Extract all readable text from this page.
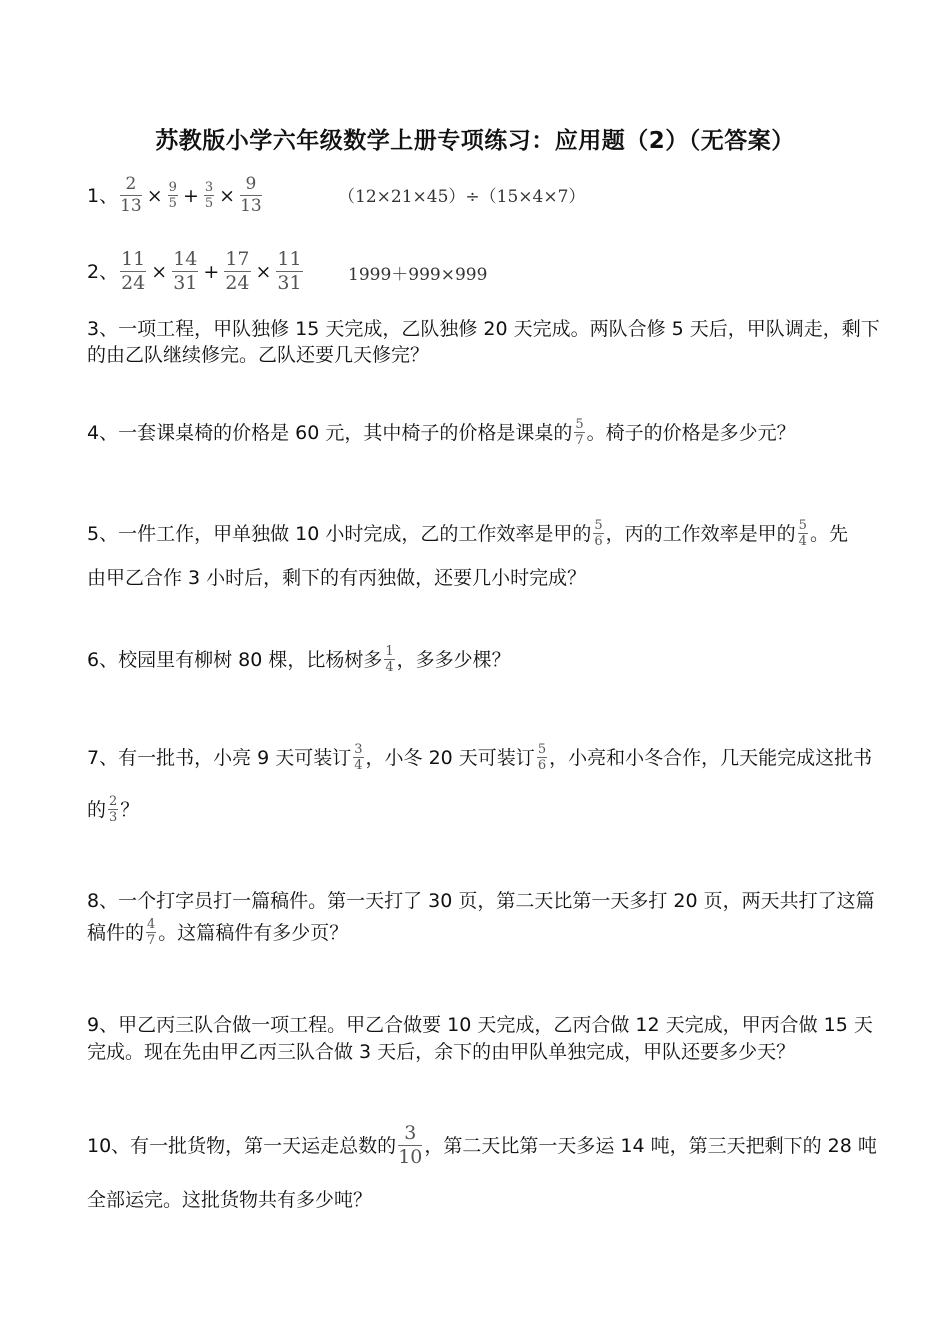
苏教版小学六年级数学上册专项练习：应用题（2）（无答案）
1、 $\frac{2}{13} \times \frac{9}{5} + \frac{3}{5} \times \frac{9}{13}$	（12×21×45）÷（15×4×7）
2、 $\frac{11}{24} \times \frac{14}{31} + \frac{17}{24} \times \frac{11}{31}$	1999＋999×999
3、一项工程，甲队独修 15 天完成，乙队独修 20 天完成。两队合修 5 天后，甲队调走，剩下
的由乙队继续修完。乙队还要几天修完？
4、一套课桌椅的价格是 60 元，其中椅子的价格是课桌的 $\frac{5}{7}$ 。椅子的价格是多少元？
5、一件工作，甲单独做 10 小时完成，乙的工作效率是甲的 $\frac{5}{6}$ ，丙的工作效率是甲的 $\frac{5}{4}$ 。先
由甲乙合作 3 小时后，剩下的有丙独做，还要几小时完成？
6、校园里有柳树 80 棵，比杨树多 $\frac{1}{4}$ ，多多少棵？
7、有一批书，小亮 9 天可装订 $\frac{3}{4}$ ，小冬 20 天可装订 $\frac{5}{6}$ ，小亮和小冬合作，几天能完成这批书
的 $\frac{2}{3}$ ？
8、一个打字员打一篇稿件。第一天打了 30 页，第二天比第一天多打 20 页，两天共打了这篇
稿件的 $\frac{4}{7}$ 。这篇稿件有多少页？
9、甲乙丙三队合做一项工程。甲乙合做要 10 天完成，乙丙合做 12 天完成，甲丙合做 15 天
完成。现在先由甲乙丙三队合做 3 天后，余下的由甲队单独完成，甲队还要多少天？
10、有一批货物，第一天运走总数的 $\frac{3}{10}$ ，第二天比第一天多运 14 吨，第三天把剩下的 28 吨
全部运完。这批货物共有多少吨？
